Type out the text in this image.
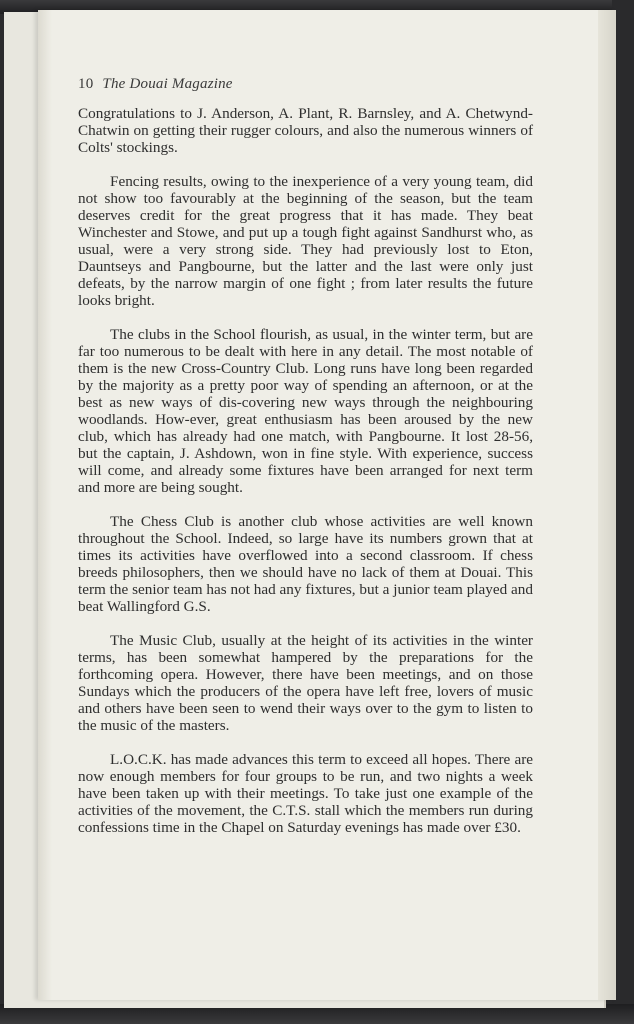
10 The Douai Magazine

Congratulations to J. Anderson, A. Plant, R. Barnsley, and A. Chetwynd-Chatwin on getting their rugger colours, and also the numerous winners of Colts' stockings.

Fencing results, owing to the inexperience of a very young team, did not show too favourably at the beginning of the season, but the team deserves credit for the great progress that it has made. They beat Winchester and Stowe, and put up a tough fight against Sandhurst who, as usual, were a very strong side. They had previously lost to Eton, Dauntseys and Pangbourne, but the latter and the last were only just defeats, by the narrow margin of one fight ; from later results the future looks bright.

The clubs in the School flourish, as usual, in the winter term, but are far too numerous to be dealt with here in any detail. The most notable of them is the new Cross-Country Club. Long runs have long been regarded by the majority as a pretty poor way of spending an afternoon, or at the best as new ways of dis-covering new ways through the neighbouring woodlands. How-ever, great enthusiasm has been aroused by the new club, which has already had one match, with Pangbourne. It lost 28-56, but the captain, J. Ashdown, won in fine style. With experience, success will come, and already some fixtures have been arranged for next term and more are being sought.

The Chess Club is another club whose activities are well known throughout the School. Indeed, so large have its numbers grown that at times its activities have overflowed into a second classroom. If chess breeds philosophers, then we should have no lack of them at Douai. This term the senior team has not had any fixtures, but a junior team played and beat Wallingford G.S.

The Music Club, usually at the height of its activities in the winter terms, has been somewhat hampered by the preparations for the forthcoming opera. However, there have been meetings, and on those Sundays which the producers of the opera have left free, lovers of music and others have been seen to wend their ways over to the gym to listen to the music of the masters.

L.O.C.K. has made advances this term to exceed all hopes. There are now enough members for four groups to be run, and two nights a week have been taken up with their meetings. To take just one example of the activities of the movement, the C.T.S. stall which the members run during confessions time in the Chapel on Saturday evenings has made over £30.
